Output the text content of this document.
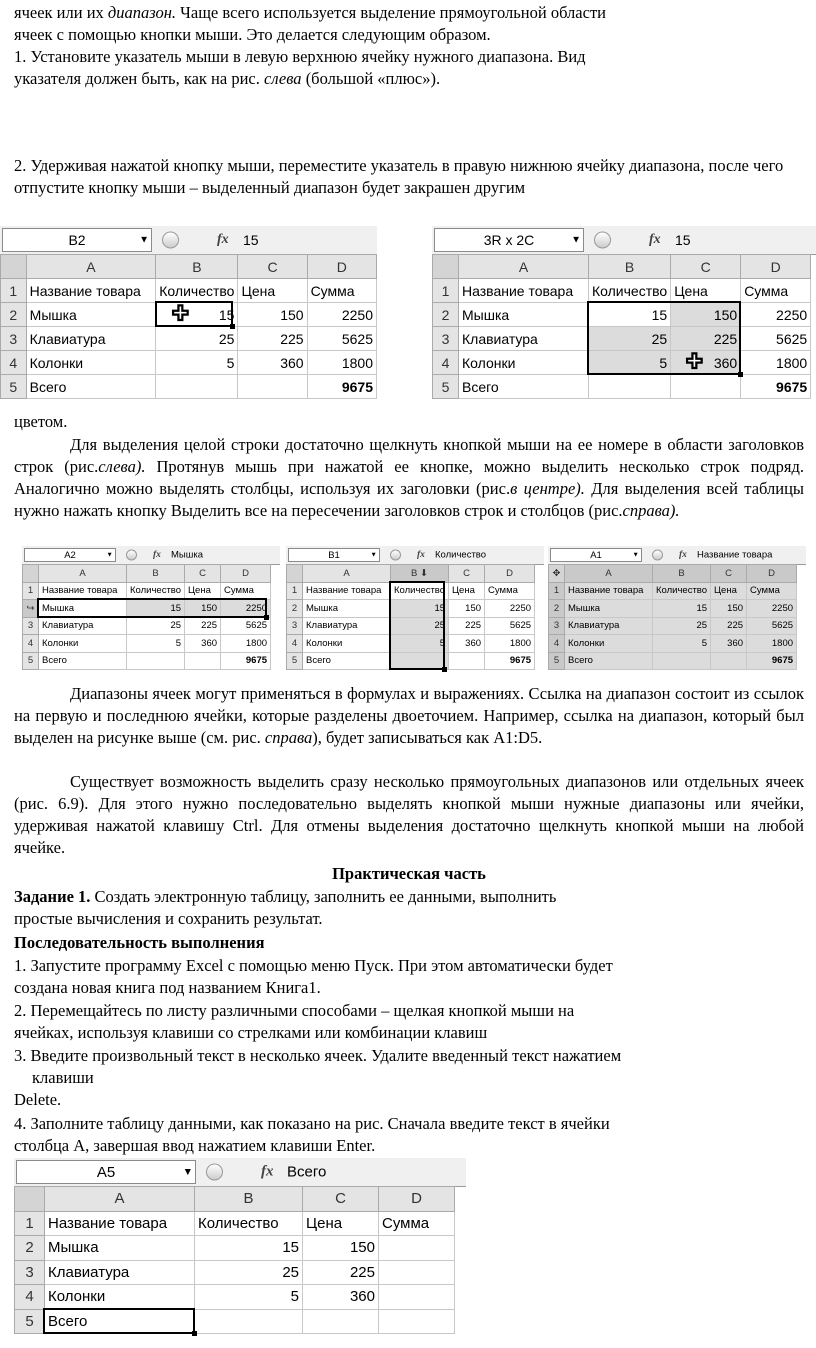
ячеек или их диапазон. Чаще всего используется выделение прямоугольной области
ячеек с помощью кнопки мыши. Это делается следующим образом.

1. Установите указатель мыши в левую верхнюю ячейку нужного диапазона. Вид
указателя должен быть, как на рис. слева (большой «плюс»).

2. Удерживая нажатой кнопку мыши, переместите указатель в правую нижнюю ячейку диапазона, после чего отпустите кнопку мыши – выделенный диапазон будет закрашен другим

B2	▼	fx 15
	A	B	C	D
1	Название товара	Количество	Цена	Сумма
2	Мышка	15	150	2250
3	Клавиатура	25	225	5625
4	Колонки	5	360	1800
5	Всего			9675
✚
3R x 2C	▼	fx 15
	A	B	C	D
1	Название товара	Количество	Цена	Сумма
2	Мышка	15	150	2250
3	Клавиатура	25	225	5625
4	Колонки	5	360	1800
5	Всего			9675
✚

цветом.

Для выделения целой строки достаточно щелкнуть кнопкой мыши на ее номере в области заголовков строк (рис.слева). Протянув мышь при нажатой ее кнопке, можно выделить несколько строк подряд. Аналогично можно выделять столбцы, используя их заголовки (рис.в центре). Для выделения всей таблицы нужно нажать кнопку Выделить все на пересечении заголовков строк и столбцов (рис.справа).

A2	▼	fx Мышка
	A	B	C	D
1	Название товара	Количество	Цена	Сумма
↪	Мышка	15	150	2250
3	Клавиатура	25	225	5625
4	Колонки	5	360	1800
5	Всего			9675
B1	▼	fx Количество
	A	B ⬇	C	D
1	Название товара	Количество	Цена	Сумма
2	Мышка	15	150	2250
3	Клавиатура	25	225	5625
4	Колонки	5	360	1800
5	Всего			9675
A1	▼	fx Название товара
✥	A	B	C	D
1	Название товара	Количество	Цена	Сумма
2	Мышка	15	150	2250
3	Клавиатура	25	225	5625
4	Колонки	5	360	1800
5	Всего			9675

Диапазоны ячеек могут применяться в формулах и выражениях. Ссылка на диапазон состоит из ссылок на первую и последнюю ячейки, которые разделены двоеточием. Например, ссылка на диапазон, который был выделен на рисунке выше (см. рис. справа), будет записываться как A1:D5.

Существует возможность выделить сразу несколько прямоугольных диапазонов или отдельных ячеек (рис. 6.9). Для этого нужно последовательно выделять кнопкой мыши нужные диапазоны или ячейки, удерживая нажатой клавишу Ctrl. Для отмены выделения достаточно щелкнуть кнопкой мыши на любой ячейке.

Практическая часть

Задание 1. Создать электронную таблицу, заполнить ее данными, выполнить
простые вычисления и сохранить результат.

Последовательность выполнения

1. Запустите программу Excel с помощью меню Пуск. При этом автоматически будет
создана новая книга под названием Книга1.

2. Перемещайтесь по листу различными способами – щелкая кнопкой мыши на
ячейках, используя клавиши со стрелками или комбинации клавиш

3. Введите произвольный текст в несколько ячеек. Удалите введенный текст нажатием
клавиши
Delete.

4. Заполните таблицу данными, как показано на рис. Сначала введите текст в ячейки
столбца А, завершая ввод нажатием клавиши Enter.

A5	▼	fx Всего
	A	B	C	D
1	Название товара	Количество	Цена	Сумма
2	Мышка	15	150	
3	Клавиатура	25	225	
4	Колонки	5	360	
5	Всего			
